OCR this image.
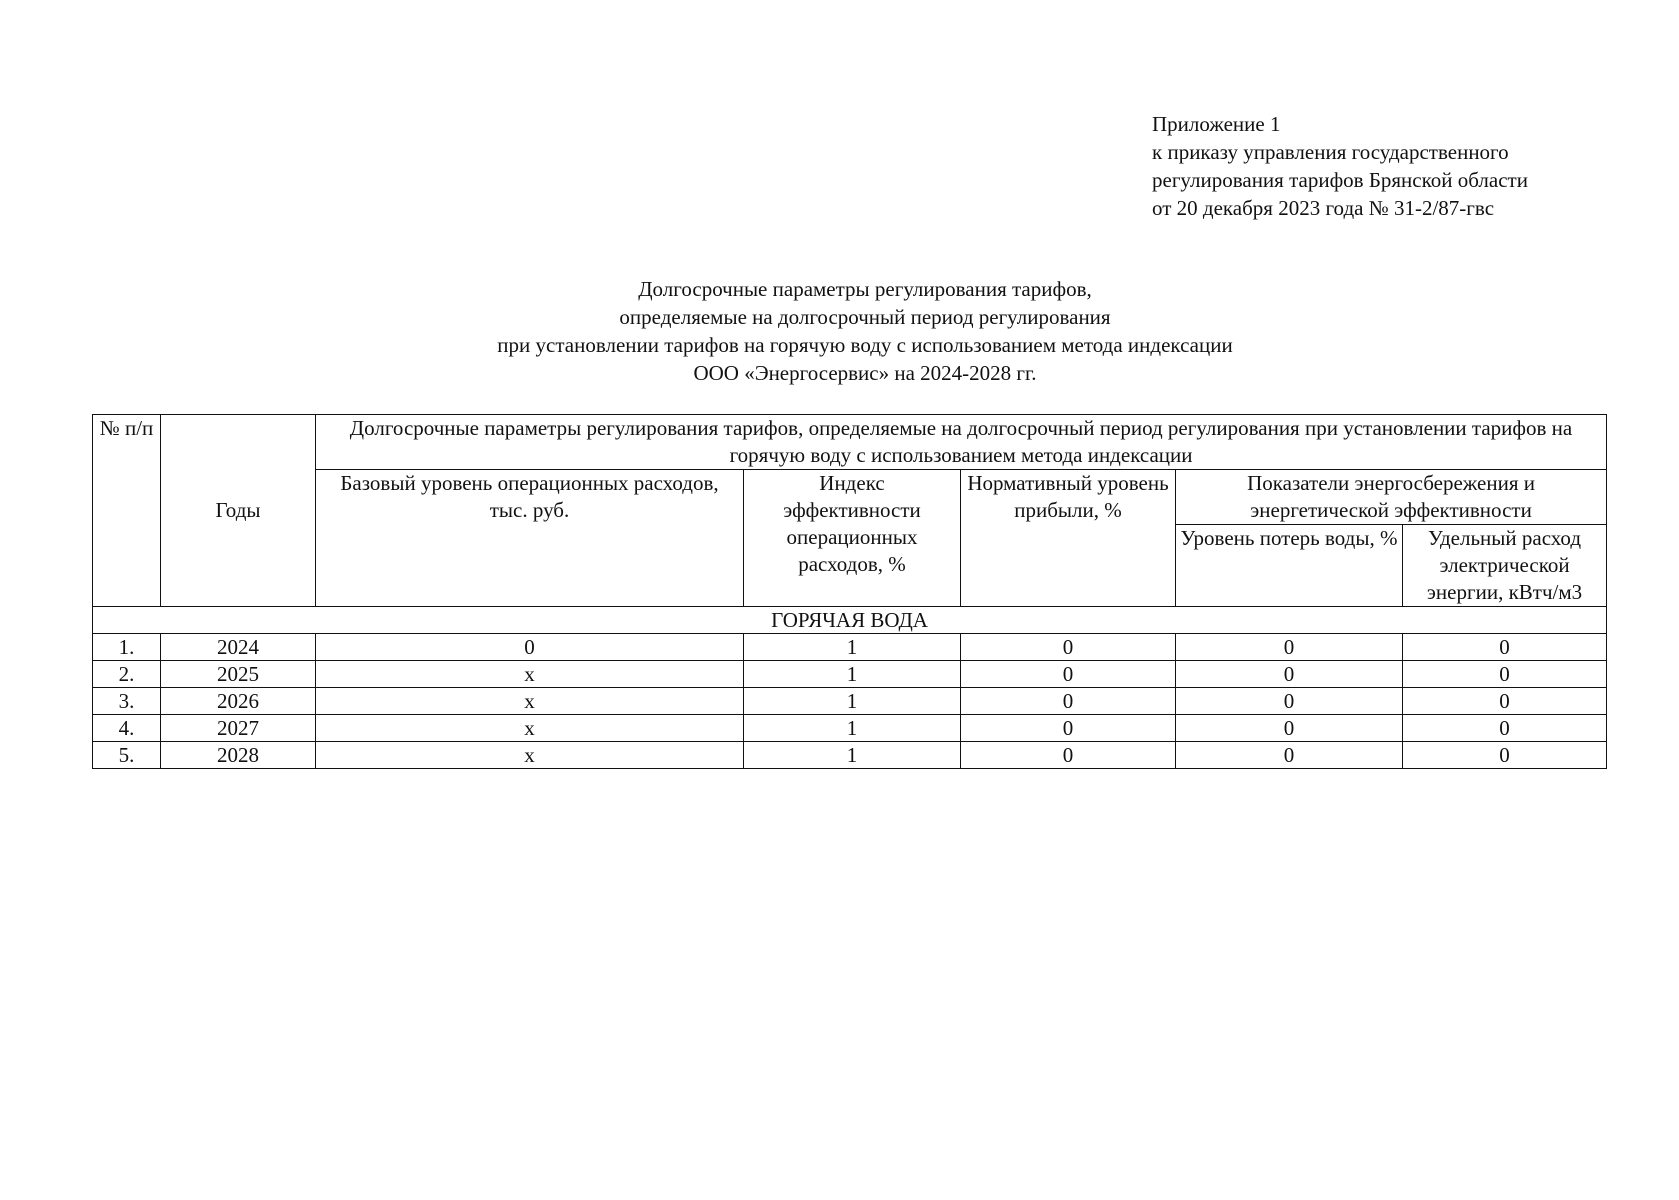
Приложение 1
к приказу управления государственного
регулирования тарифов Брянской области
от 20 декабря 2023 года № 31-2/87-гвс
Долгосрочные параметры регулирования тарифов,
определяемые на долгосрочный период регулирования
при установлении тарифов на горячую воду с использованием метода индексации
ООО «Энергосервис» на 2024-2028 гг.
№ п/п	Годы	Долгосрочные параметры регулирования тарифов, определяемые на долгосрочный период регулирования при установлении тарифов на горячую воду с использованием метода индексации				
		Базовый уровень операционных расходов, тыс. руб.	Индекс эффективности операционных расходов, %	Нормативный уровень прибыли, %	Показатели энергосбережения и энергетической эффективности	
					Уровень потерь воды, %	Удельный расход электрической энергии, кВтч/м3
ГОРЯЧАЯ ВОДА						
1.	2024	0	1	0	0	0
2.	2025	х	1	0	0	0
3.	2026	х	1	0	0	0
4.	2027	х	1	0	0	0
5.	2028	х	1	0	0	0
